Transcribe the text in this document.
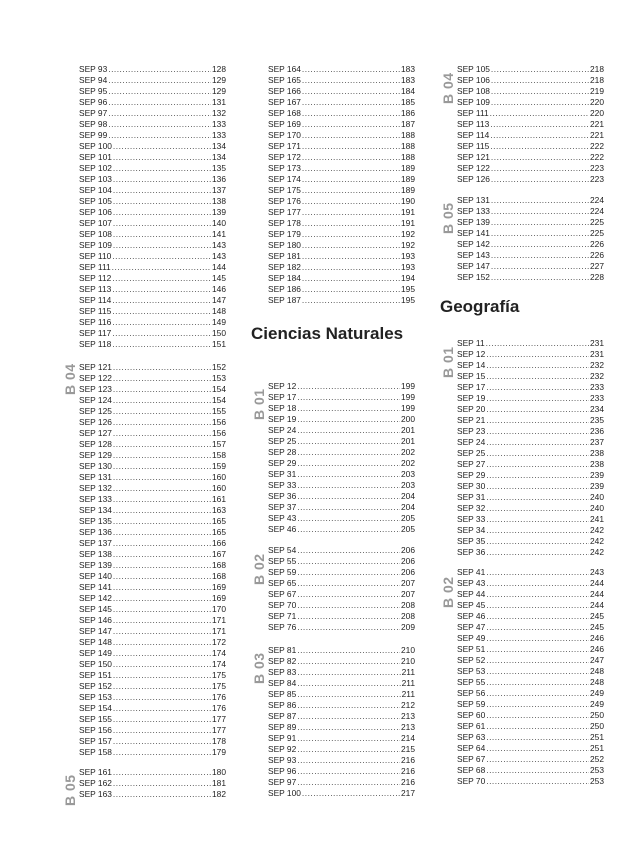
SEP 93 .....	128
SEP 94 .....	129
SEP 95 .....	129
SEP 96 .....	131
SEP 97 .....	132
SEP 98 .....	133
SEP 99 .....	133
SEP 100 .....	134
SEP 101 .....	134
SEP 102 .....	135
SEP 103 .....	136
SEP 104 .....	137
SEP 105 .....	138
SEP 106 .....	139
SEP 107 .....	140
SEP 108 .....	141
SEP 109 .....	143
SEP 110 .....	143
SEP 111 .....	144
SEP 112 .....	145
SEP 113 .....	146
SEP 114 .....	147
SEP 115 .....	148
SEP 116 .....	149
SEP 117 .....	150
SEP 118 .....	151
SEP 121 .....	152
SEP 122 .....	153
SEP 123 .....	154
SEP 124 .....	154
SEP 125 .....	155
SEP 126 .....	156
SEP 127 .....	156
SEP 128 .....	157
SEP 129 .....	158
SEP 130 .....	159
SEP 131 .....	160
SEP 132 .....	160
SEP 133 .....	161
SEP 134 .....	163
SEP 135 .....	165
SEP 136 .....	165
SEP 137 .....	166
SEP 138 .....	167
SEP 139 .....	168
SEP 140 .....	168
SEP 141 .....	169
SEP 142 .....	169
SEP 145 .....	170
SEP 146 .....	171
SEP 147 .....	171
SEP 148 .....	172
SEP 149 .....	174
SEP 150 .....	174
SEP 151 .....	175
SEP 152 .....	175
SEP 153 .....	176
SEP 154 .....	176
SEP 155 .....	177
SEP 156 .....	177
SEP 157 .....	178
SEP 158 .....	179
SEP 161 .....	180
SEP 162 .....	181
SEP 163 .....	182
B 04
B 05
SEP 164 .....	183
SEP 165 .....	183
SEP 166 .....	184
SEP 167 .....	185
SEP 168 .....	186
SEP 169 .....	187
SEP 170 .....	188
SEP 171 .....	188
SEP 172 .....	188
SEP 173 .....	189
SEP 174 .....	189
SEP 175 .....	189
SEP 176 .....	190
SEP 177 .....	191
SEP 178 .....	191
SEP 179 .....	192
SEP 180 .....	192
SEP 181 .....	193
SEP 182 .....	193
SEP 184 .....	194
SEP 186 .....	195
SEP 187 .....	195
SEP 12 .....	199
SEP 17 .....	199
SEP 18 .....	199
SEP 19 .....	200
SEP 24 .....	201
SEP 25 .....	201
SEP 28 .....	202
SEP 29 .....	202
SEP 31 .....	203
SEP 33 .....	203
SEP 36 .....	204
SEP 37 .....	204
SEP 43 .....	205
SEP 46 .....	205
SEP 54 .....	206
SEP 55 .....	206
SEP 59 .....	206
SEP 65 .....	207
SEP 67 .....	207
SEP 70 .....	208
SEP 71 .....	208
SEP 76 .....	209
SEP 81 .....	210
SEP 82 .....	210
SEP 83 .....	211
SEP 84 .....	211
SEP 85 .....	211
SEP 86 .....	212
SEP 87 .....	213
SEP 89 .....	213
SEP 91 .....	214
SEP 92 .....	215
SEP 93 .....	216
SEP 96 .....	216
SEP 97 .....	216
SEP 100 .....	217
Ciencias Naturales
B 01
B 02
B 03
SEP 105 .....	218
SEP 106 .....	218
SEP 108 .....	219
SEP 109 .....	220
SEP 111 .....	220
SEP 113 .....	221
SEP 114 .....	221
SEP 115 .....	222
SEP 121 .....	222
SEP 122 .....	223
SEP 126 .....	223
SEP 131 .....	224
SEP 133 .....	224
SEP 139 .....	225
SEP 141 .....	225
SEP 142 .....	226
SEP 143 .....	226
SEP 147 .....	227
SEP 152 .....	228
SEP 11 .....	231
SEP 12 .....	231
SEP 14 .....	232
SEP 15 .....	232
SEP 17 .....	233
SEP 19 .....	233
SEP 20 .....	234
SEP 21 .....	235
SEP 23 .....	236
SEP 24 .....	237
SEP 25 .....	238
SEP 27 .....	238
SEP 29 .....	239
SEP 30 .....	239
SEP 31 .....	240
SEP 32 .....	240
SEP 33 .....	241
SEP 34 .....	242
SEP 35 .....	242
SEP 36 .....	242
SEP 41 .....	243
SEP 43 .....	244
SEP 44 .....	244
SEP 45 .....	244
SEP 46 .....	245
SEP 47 .....	245
SEP 49 .....	246
SEP 51 .....	246
SEP 52 .....	247
SEP 53 .....	248
SEP 55 .....	248
SEP 56 .....	249
SEP 59 .....	249
SEP 60 .....	250
SEP 61 .....	250
SEP 63 .....	251
SEP 64 .....	251
SEP 67 .....	252
SEP 68 .....	253
SEP 70 .....	253
B 04
B 05
Geografía
B 01
B 02
